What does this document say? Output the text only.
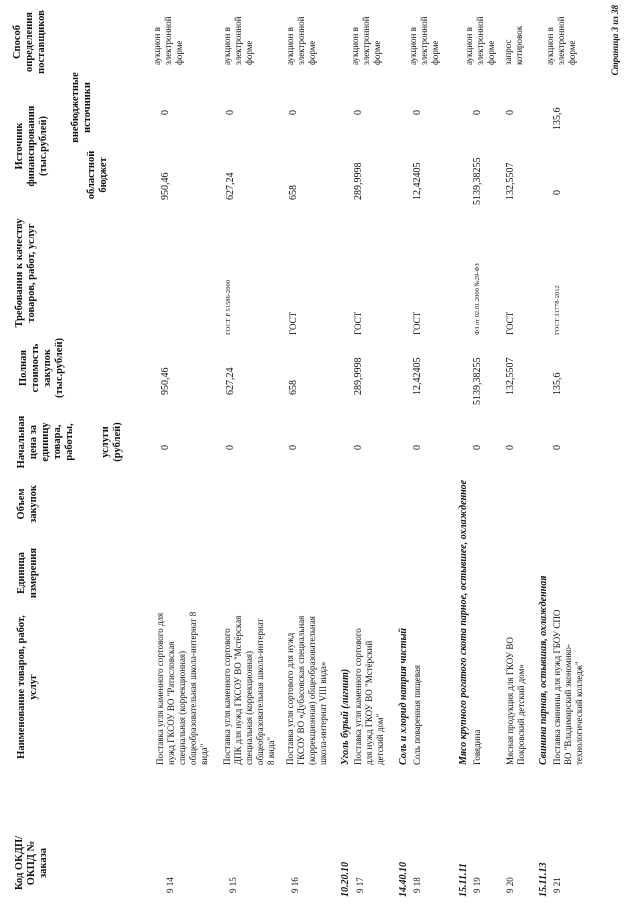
Код ОКДП/ ОКПД № заказа
Наименование товаров, работ, услуг
Единица измерения
Объем закупок
Начальная цена за единицу товара, работы, услуги (рублей)
Полная стоимость закупок (тыс.рублей)
Требования к качеству товаров, работ, услуг
Источник финансирования (тыс.рублей)	областной бюджет
внебюджетные источники
Способ определения поставщиков
9 14
Поставка угля каменного сортового для нужд ГКСОУ ВО "Ратисловская специальная (коррекционная) общеобразовательная школа-интернат 8 вида"
0
950,46
950,46
0
аукцион в электронной форме
9 15
Поставка угля каменного сортового ДПК для нужд ГКСОУ ВО "Мстёрская специальная (коррекционная) общеобразовательная школа-интернат 8 вида"
0
627,24
ГОСТ Р 51586-2000
627,24
0
аукцион в электронной форме
9 16
Поставка угля сортового для нужд ГКСОУ ВО «Дубасовская специальная (коррекционная) общеобразовательная школа-интернат VIII вида»
0
658
ГОСТ
658
0
аукцион в электронной форме
10.20.10
Уголь бурый (лигнит)
9 17
Поставка угля каменного сортового для нужд ГКОУ ВО "Мстёрский детский дом"
0
289,9998
ГОСТ
289,9998
0
аукцион в электронной форме
14.40.10
Соль и хлорид натрия чистый
9 18
Соль поваренная пищевая
0
12,42405
ГОСТ
12,42405
0
аукцион в электронной форме
15.11.11
Мясо крупного рогатого скота парное, остывшее, охлажденное
9 19
Говядина
0
5139,38255
ФЗ от 02.01.2000 №29-ФЗ
5139,38255
0
аукцион в электронной форме
9 20
Мясная продукция для ГКОУ ВО Покровский детский дом»
0
132,5507
ГОСТ
132,5507
0
запрос котировок
15.11.13
Свинина парная, остывшая, охлажденная
9 21
Поставка свинины для нужд ГБОУ СПО ВО "Владимирский экономико-технологический колледж"
0
135,6
ГОСТ 31778-2012
0
135,6
аукцион в электронной форме	Страница 3 из 38
